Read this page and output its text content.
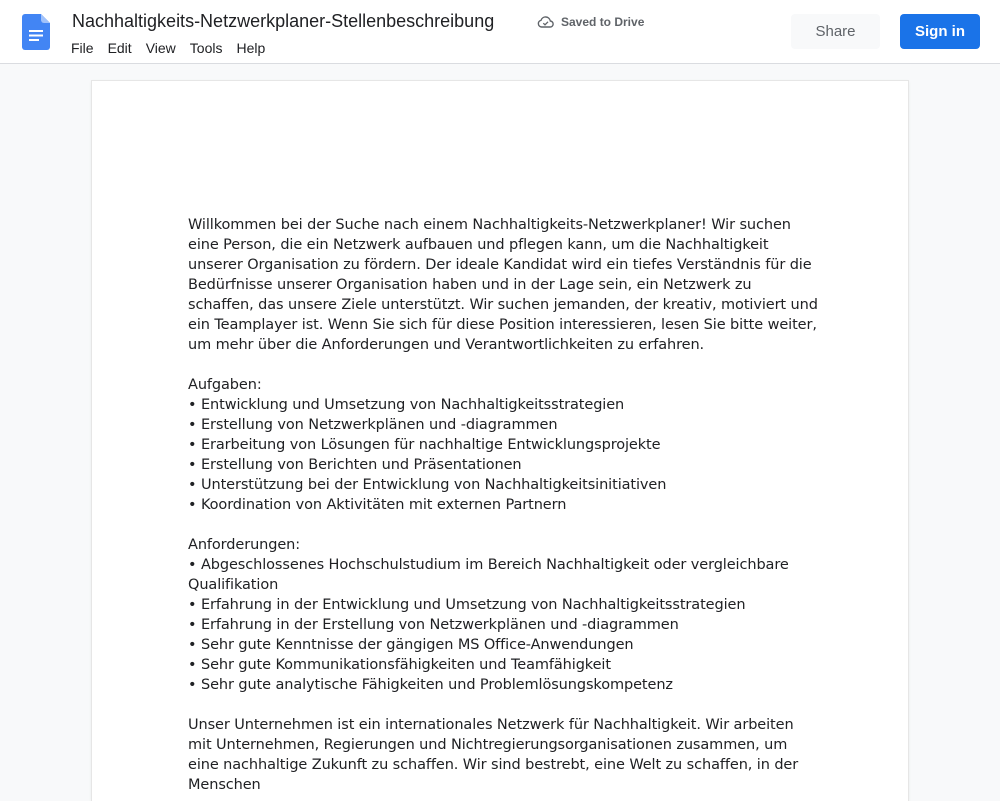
Nachhaltigkeits-Netzwerkplaner-Stellenbeschreibung	Saved to Drive
File	Edit	View	Tools	Help
Share	Sign in

Willkommen bei der Suche nach einem Nachhaltigkeits-Netzwerkplaner! Wir suchen eine Person, die ein Netzwerk aufbauen und pflegen kann, um die Nachhaltigkeit unserer Organisation zu fördern. Der ideale Kandidat wird ein tiefes Verständnis für die Bedürfnisse unserer Organisation haben und in der Lage sein, ein Netzwerk zu schaffen, das unsere Ziele unterstützt. Wir suchen jemanden, der kreativ, motiviert und ein Teamplayer ist. Wenn Sie sich für diese Position interessieren, lesen Sie bitte weiter, um mehr über die Anforderungen und Verantwortlichkeiten zu erfahren.

Aufgaben:

• Entwicklung und Umsetzung von Nachhaltigkeitsstrategien

• Erstellung von Netzwerkplänen und -diagrammen

• Erarbeitung von Lösungen für nachhaltige Entwicklungsprojekte

• Erstellung von Berichten und Präsentationen

• Unterstützung bei der Entwicklung von Nachhaltigkeitsinitiativen

• Koordination von Aktivitäten mit externen Partnern

Anforderungen:

• Abgeschlossenes Hochschulstudium im Bereich Nachhaltigkeit oder vergleichbare Qualifikation

• Erfahrung in der Entwicklung und Umsetzung von Nachhaltigkeitsstrategien

• Erfahrung in der Erstellung von Netzwerkplänen und -diagrammen

• Sehr gute Kenntnisse der gängigen MS Office-Anwendungen

• Sehr gute Kommunikationsfähigkeiten und Teamfähigkeit

• Sehr gute analytische Fähigkeiten und Problemlösungskompetenz

Unser Unternehmen ist ein internationales Netzwerk für Nachhaltigkeit. Wir arbeiten mit Unternehmen, Regierungen und Nichtregierungsorganisationen zusammen, um eine nachhaltige Zukunft zu schaffen. Wir sind bestrebt, eine Welt zu schaffen, in der Menschen
